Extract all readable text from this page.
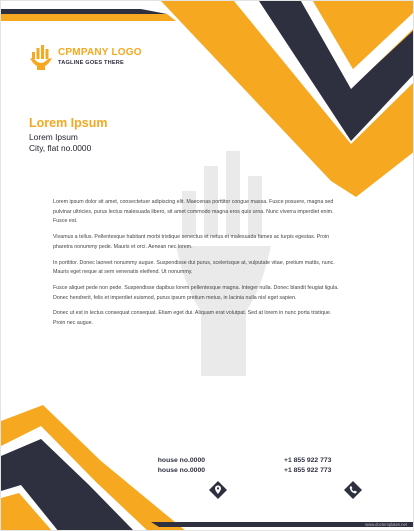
CPMPANY LOGO
TAGLINE GOES THERE
Lorem Ipsum
Lorem Ipsum
City, flat no.0000

Lorem ipsum dolor sit amet, consectetuer adipiscing elit. Maecenas porttitor congue massa. Fusce posuere, magna sed pulvinar ultricies, purus lectus malesuada libero, sit amet commodo magna eros quis urna. Nunc viverra imperdiet enim. Fusce est.

Vivamus a tellus. Pellentesque habitant morbi tristique senectus et netus et malesuada fames ac turpis egestas. Proin pharetra nonummy pede. Mauris et orci. Aenean nec lorem.

In porttitor. Donec laoreet nonummy augue. Suspendisse dui purus, scelerisque at, vulputate vitae, pretium mattis, nunc. Mauris eget neque at sem venenatis eleifend. Ut nonummy.

Fusce aliquet pede non pede. Suspendisse dapibus lorem pellentesque magna. Integer nulla. Donec blandit feugiat ligula. Donec hendrerit, felis et imperdiet euismod, purus ipsum pretium metus, in lacinia nulla nisl eget sapien.

Donec ut est in lectus consequat consequat. Etiam eget dui. Aliquam erat volutpat. Sed at lorem in nunc porta tristique. Proin nec augue.

house no.0000
house no.0000
+1 855 922 773
+1 855 922 773
www.doctemplates.net
